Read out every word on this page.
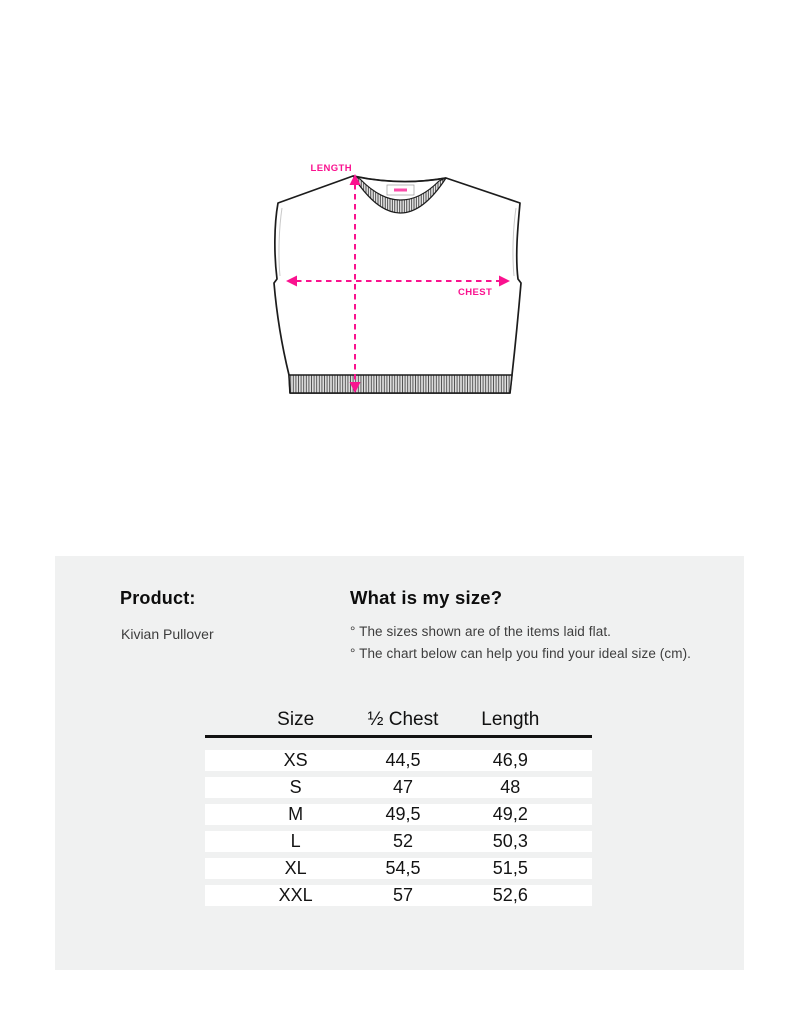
LENGTH
CHEST
Product:
Kivian Pullover
What is my size?
° The sizes shown are of the items laid flat.
° The chart below can help you find your ideal size (cm).
Size	½ Chest	Length
XS	44,5	46,9
S	47	48
M	49,5	49,2
L	52	50,3
XL	54,5	51,5
XXL	57	52,6
